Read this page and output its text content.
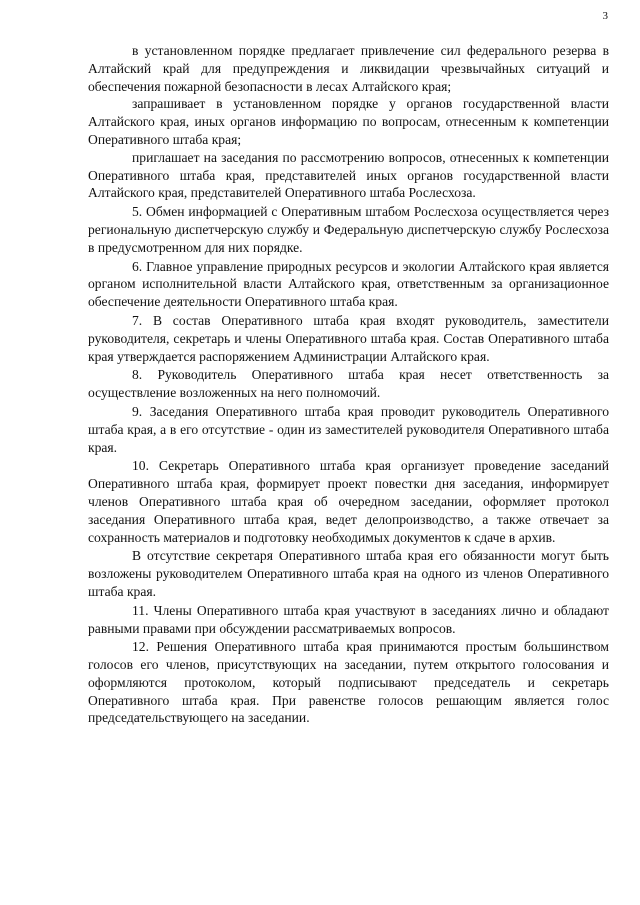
3

в установленном порядке предлагает привлечение сил федерального резерва в Алтайский край для предупреждения и ликвидации чрезвычайных ситуаций и обеспечения пожарной безопасности в лесах Алтайского края;

запрашивает в установленном порядке у органов государственной власти Алтайского края, иных органов информацию по вопросам, отнесенным к компетенции Оперативного штаба края;

приглашает на заседания по рассмотрению вопросов, отнесенных к компетенции Оперативного штаба края, представителей иных органов государственной власти Алтайского края, представителей Оперативного штаба Рослесхоза.

5. Обмен информацией с Оперативным штабом Рослесхоза осуществляется через региональную диспетчерскую службу и Федеральную диспетчерскую службу Рослесхоза в предусмотренном для них порядке.

6. Главное управление природных ресурсов и экологии Алтайского края является органом исполнительной власти Алтайского края, ответственным за организационное обеспечение деятельности Оперативного штаба края.

7. В состав Оперативного штаба края входят руководитель, заместители руководителя, секретарь и члены Оперативного штаба края. Состав Оперативного штаба края утверждается распоряжением Администрации Алтайского края.

8. Руководитель Оперативного штаба края несет ответственность за осуществление возложенных на него полномочий.

9. Заседания Оперативного штаба края проводит руководитель Оперативного штаба края, а в его отсутствие - один из заместителей руководителя Оперативного штаба края.

10. Секретарь Оперативного штаба края организует проведение заседаний Оперативного штаба края, формирует проект повестки дня заседания, информирует членов Оперативного штаба края об очередном заседании, оформляет протокол заседания Оперативного штаба края, ведет делопроизводство, а также отвечает за сохранность материалов и подготовку необходимых документов к сдаче в архив.

В отсутствие секретаря Оперативного штаба края его обязанности могут быть возложены руководителем Оперативного штаба края на одного из членов Оперативного штаба края.

11. Члены Оперативного штаба края участвуют в заседаниях лично и обладают равными правами при обсуждении рассматриваемых вопросов.

12. Решения Оперативного штаба края принимаются простым большинством голосов его членов, присутствующих на заседании, путем открытого голосования и оформляются протоколом, который подписывают председатель и секретарь Оперативного штаба края. При равенстве голосов решающим является голос председательствующего на заседании.
